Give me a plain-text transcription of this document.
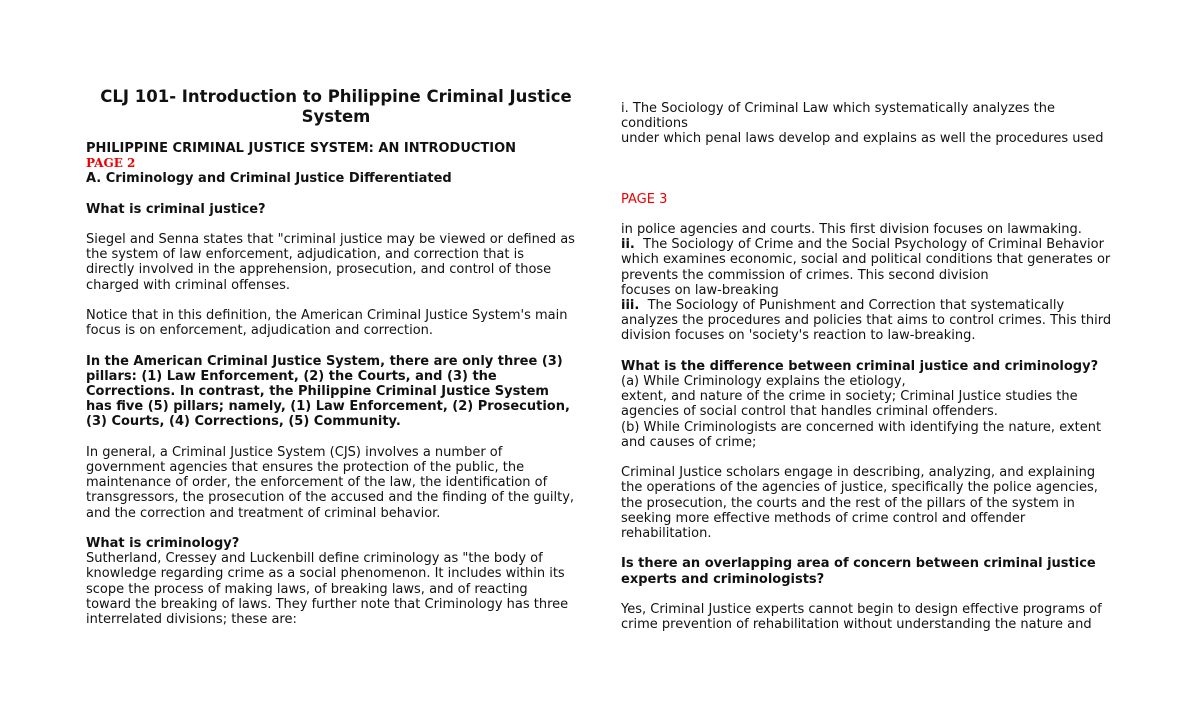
CLJ 101- Introduction to Philippine Criminal Justice
System

PHILIPPINE CRIMINAL JUSTICE SYSTEM: AN INTRODUCTION

PAGE 2

A. Criminology and Criminal Justice Differentiated

What is criminal justice?

Siegel and Senna states that "criminal justice may be viewed or defined as

the system of law enforcement, adjudication, and correction that is

directly involved in the apprehension, prosecution, and control of those

charged with criminal offenses.

Notice that in this definition, the American Criminal Justice System's main

focus is on enforcement, adjudication and correction.

In the American Criminal Justice System, there are only three (3)

pillars: (1) Law Enforcement, (2) the Courts, and (3) the

Corrections. In contrast, the Philippine Criminal Justice System

has five (5) pillars; namely, (1) Law Enforcement, (2) Prosecution,

(3) Courts, (4) Corrections, (5) Community.

In general, a Criminal Justice System (CJS) involves a number of

government agencies that ensures the protection of the public, the

maintenance of order, the enforcement of the law, the identification of

transgressors, the prosecution of the accused and the finding of the guilty,

and the correction and treatment of criminal behavior.

What is criminology?

Sutherland, Cressey and Luckenbill define criminology as "the body of

knowledge regarding crime as a social phenomenon. It includes within its

scope the process of making laws, of breaking laws, and of reacting

toward the breaking of laws. They further note that Criminology has three

interrelated divisions; these are:

i. The Sociology of Criminal Law which systematically analyzes the

conditions

under which penal laws develop and explains as well the procedures used

PAGE 3

in police agencies and courts. This first division focuses on lawmaking.

ii.  The Sociology of Crime and the Social Psychology of Criminal Behavior

which examines economic, social and political conditions that generates or

prevents the commission of crimes. This second division

focuses on law-breaking

iii.  The Sociology of Punishment and Correction that systematically

analyzes the procedures and policies that aims to control crimes. This third

division focuses on 'society's reaction to law-breaking.

What is the difference between criminal justice and criminology?

(a) While Criminology explains the etiology,

extent, and nature of the crime in society; Criminal Justice studies the

agencies of social control that handles criminal offenders.

(b) While Criminologists are concerned with identifying the nature, extent

and causes of crime;

Criminal Justice scholars engage in describing, analyzing, and explaining

the operations of the agencies of justice, specifically the police agencies,

the prosecution, the courts and the rest of the pillars of the system in

seeking more effective methods of crime control and offender

rehabilitation.

Is there an overlapping area of concern between criminal justice

experts and criminologists?

Yes, Criminal Justice experts cannot begin to design effective programs of

crime prevention of rehabilitation without understanding the nature and
